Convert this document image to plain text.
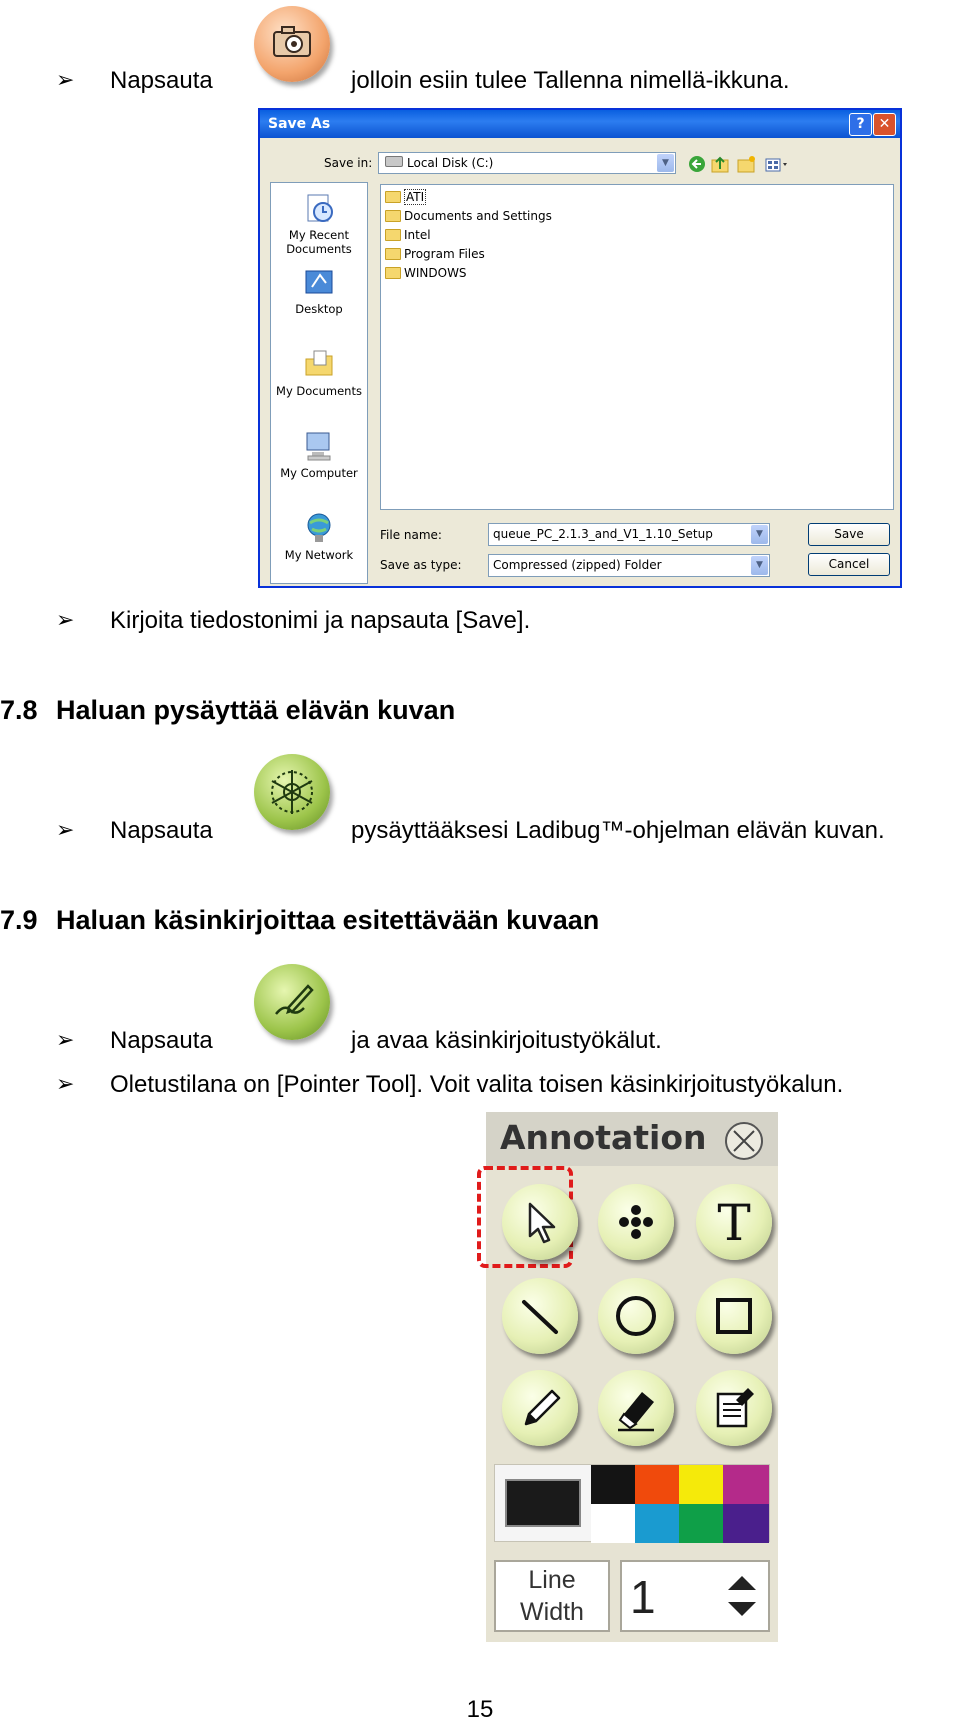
➢ Napsauta	jolloin esiin tulee Tallenna nimellä-ikkuna.
Save As	?	✕
Save in:	Local Disk (C:)	▼
My Recent Documents
Desktop
My Documents
My Computer
My Network
ATI
Documents and Settings
Intel
Program Files
WINDOWS
File name:	queue_PC_2.1.3_and_V1_1.10_Setup	▼
Save as type:	Compressed (zipped) Folder	▼
Save
Cancel
➢ Kirjoita tiedostonimi ja napsauta [Save].
7.8 Haluan pysäyttää elävän kuvan
➢ Napsauta	pysäyttääksesi Ladibug™-ohjelman elävän kuvan.
7.9 Haluan käsinkirjoittaa esitettävään kuvaan
➢ Napsauta	ja avaa käsinkirjoitustyökälut.
➢ Oletustilana on [Pointer Tool]. Voit valita toisen käsinkirjoitustyökalun.
Annotation
T
Line
Width	1
15
